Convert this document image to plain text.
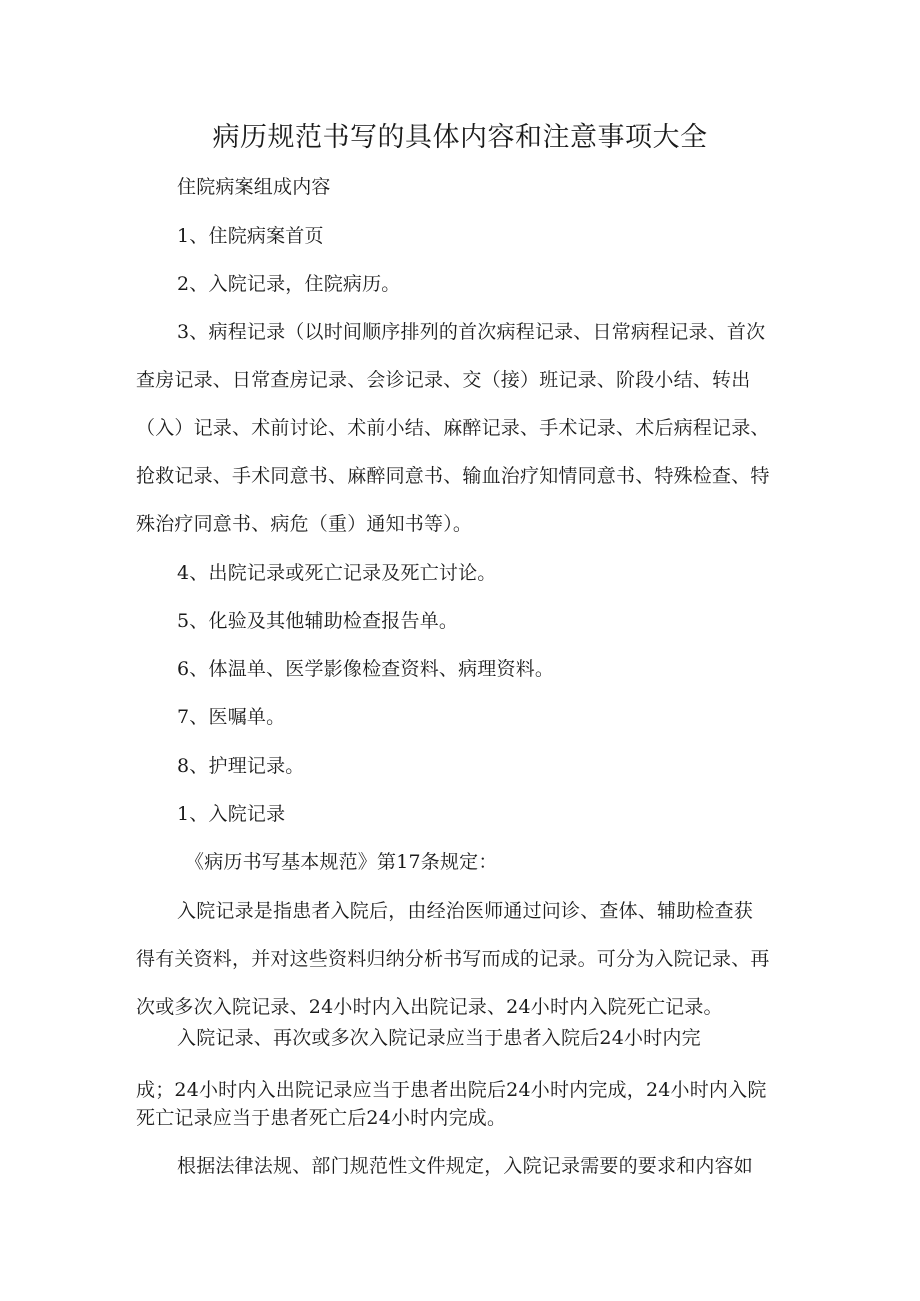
病历规范书写的具体内容和注意事项大全
住院病案组成内容
1、住院病案首页
2、入院记录，住院病历。
3、病程记录（以时间顺序排列的首次病程记录、日常病程记录、首次
查房记录、日常查房记录、会诊记录、交（接）班记录、阶段小结、转出
（入）记录、术前讨论、术前小结、麻醉记录、手术记录、术后病程记录、
抢救记录、手术同意书、麻醉同意书、输血治疗知情同意书、特殊检查、特
殊治疗同意书、病危（重）通知书等）。
4、出院记录或死亡记录及死亡讨论。
5、化验及其他辅助检查报告单。
6、体温单、医学影像检查资料、病理资料。
7、医嘱单。
8、护理记录。
1、入院记录
《病历书写基本规范》第17条规定：
入院记录是指患者入院后，由经治医师通过问诊、查体、辅助检查获
得有关资料，并对这些资料归纳分析书写而成的记录。可分为入院记录、再
次或多次入院记录、24小时内入出院记录、24小时内入院死亡记录。
入院记录、再次或多次入院记录应当于患者入院后24小时内完
成；24小时内入出院记录应当于患者出院后24小时内完成，24小时内入院
死亡记录应当于患者死亡后24小时内完成。
根据法律法规、部门规范性文件规定，入院记录需要的要求和内容如
